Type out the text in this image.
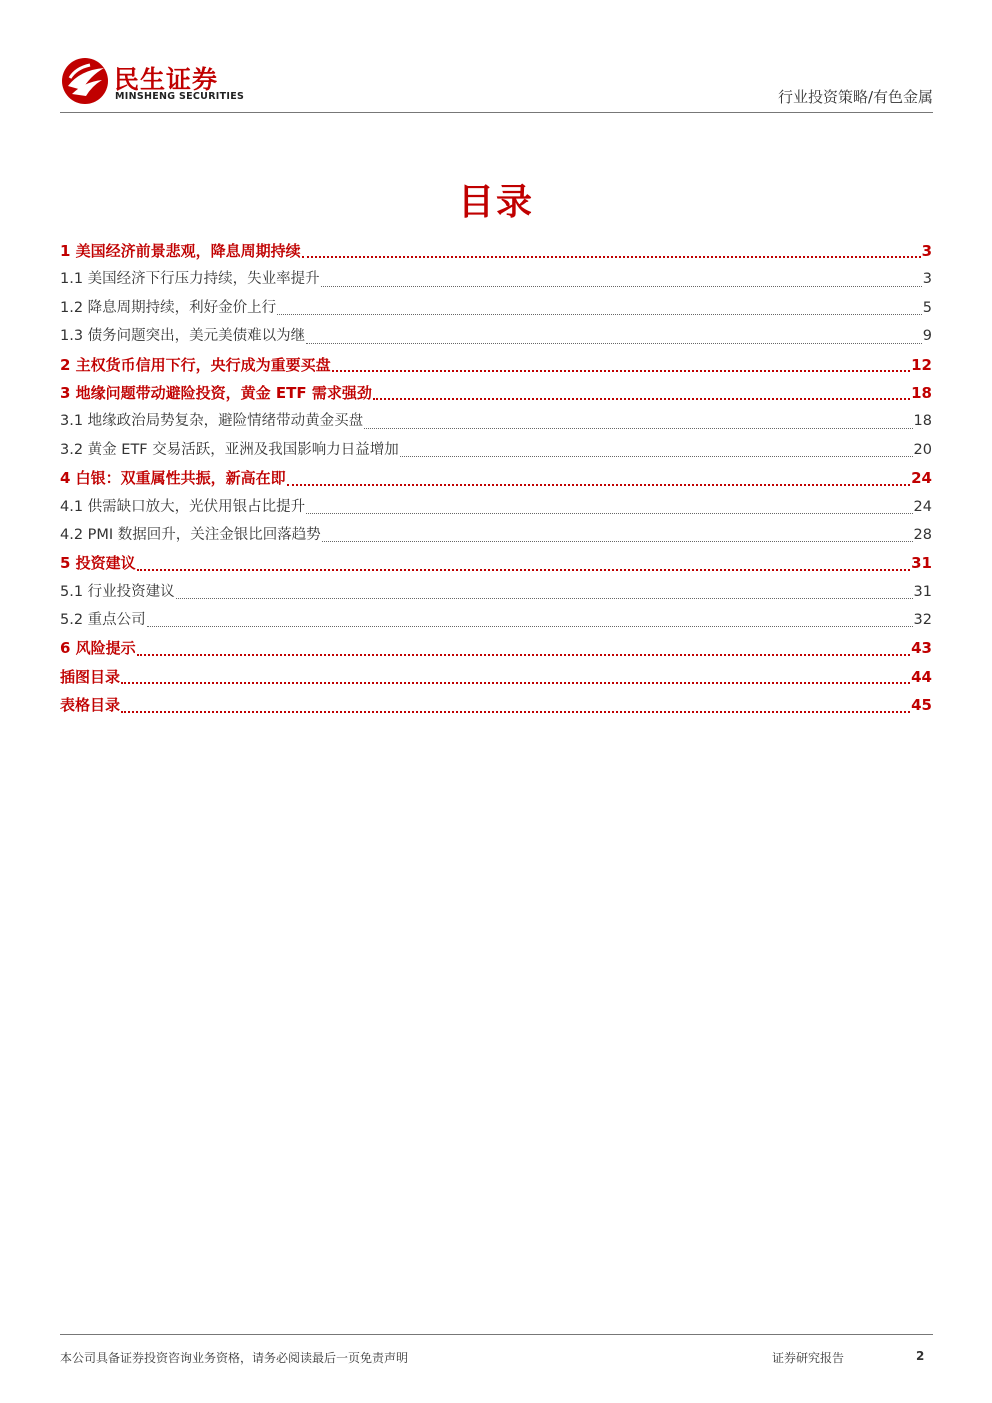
民生证券
MINSHENG SECURITIES	行业投资策略/有色金属
目录
1 美国经济前景悲观，降息周期持续	3
1.1 美国经济下行压力持续，失业率提升	3
1.2 降息周期持续，利好金价上行	5
1.3 债务问题突出，美元美债难以为继	9
2 主权货币信用下行，央行成为重要买盘	12
3 地缘问题带动避险投资，黄金 ETF 需求强劲	18
3.1 地缘政治局势复杂，避险情绪带动黄金买盘	18
3.2 黄金 ETF 交易活跃，亚洲及我国影响力日益增加	20
4 白银：双重属性共振，新高在即	24
4.1 供需缺口放大，光伏用银占比提升	24
4.2 PMI 数据回升，关注金银比回落趋势	28
5 投资建议	31
5.1 行业投资建议	31
5.2 重点公司	32
6 风险提示	43
插图目录	44
表格目录	45
本公司具备证券投资咨询业务资格，请务必阅读最后一页免责声明	证券研究报告	2
